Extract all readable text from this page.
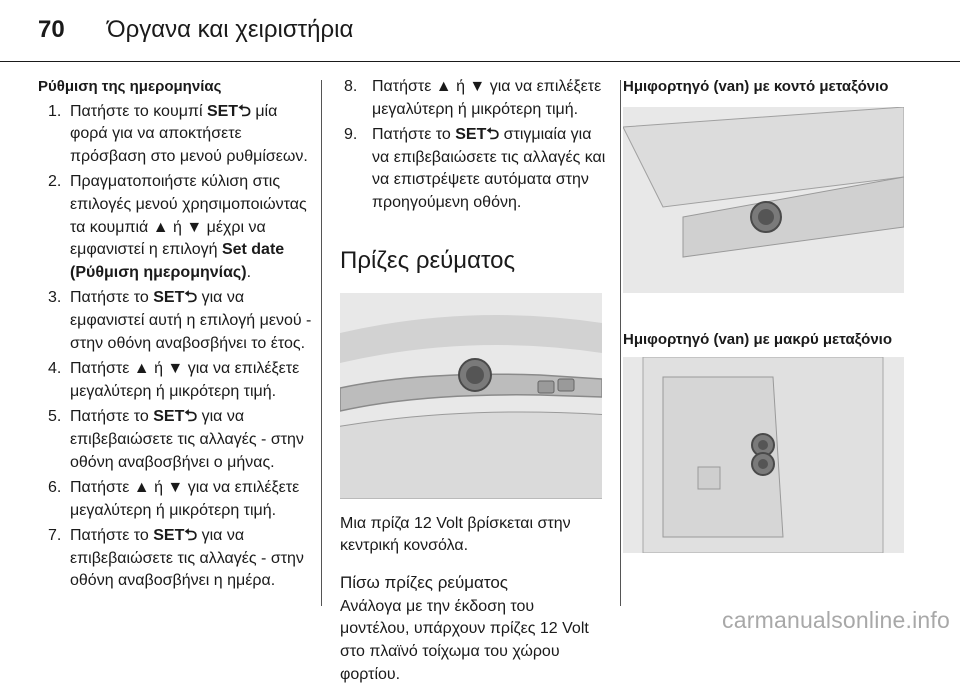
70 Όργανα και χειριστήρια
Ρύθμιση της ημερομηνίας
1. Πατήστε το κουμπί SET⮌ μία φορά για να αποκτήσετε πρόσβαση στο μενού ρυθμίσεων.
2. Πραγματοποιήστε κύλιση στις επιλογές μενού χρησιμοποιώντας τα κουμπιά ▲ ή ▼ μέχρι να εμφανιστεί η επιλογή Set date (Ρύθμιση ημερομηνίας).
3. Πατήστε το SET⮌ για να εμφανιστεί αυτή η επιλογή μενού - στην οθόνη αναβοσβήνει το έτος.
4. Πατήστε ▲ ή ▼ για να επιλέξετε μεγαλύτερη ή μικρότερη τιμή.
5. Πατήστε το SET⮌ για να επιβεβαιώσετε τις αλλαγές - στην οθόνη αναβοσβήνει ο μήνας.
6. Πατήστε ▲ ή ▼ για να επιλέξετε μεγαλύτερη ή μικρότερη τιμή.
7. Πατήστε το SET⮌ για να επιβεβαιώσετε τις αλλαγές - στην οθόνη αναβοσβήνει η ημέρα.
8. Πατήστε ▲ ή ▼ για να επιλέξετε μεγαλύτερη ή μικρότερη τιμή.
9. Πατήστε το SET⮌ στιγμιαία για να επιβεβαιώσετε τις αλλαγές και να επιστρέψετε αυτόματα στην προηγούμενη οθόνη.
Πρίζες ρεύματος

Μια πρίζα 12 Volt βρίσκεται στην κεντρική κονσόλα.

Πίσω πρίζες ρεύματος

Ανάλογα με την έκδοση του μοντέλου, υπάρχουν πρίζες 12 Volt στο πλαϊνό τοίχωμα του χώρου φορτίου.

Ημιφορτηγό (van) με κοντό μεταξόνιο
Ημιφορτηγό (van) με μακρύ μεταξόνιο
carmanualsonline.info
